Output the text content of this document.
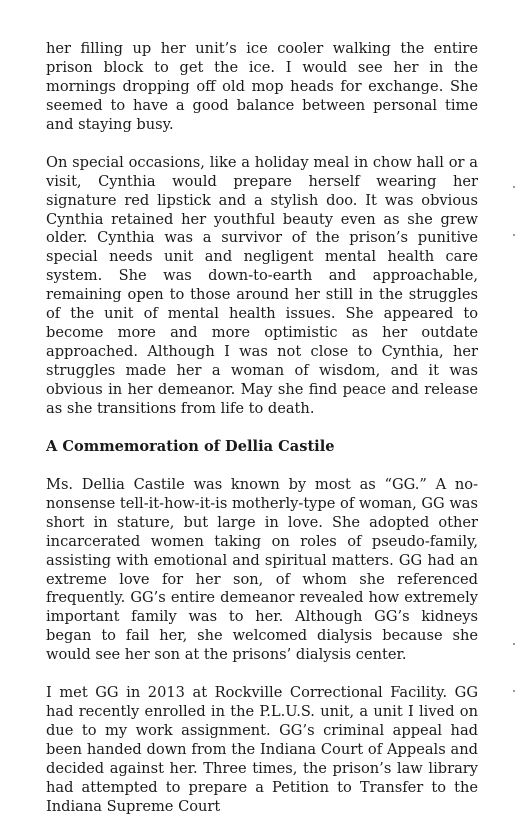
her filling up her unit’s ice cooler walking the entire prison block to get the ice. I would see her in the mornings dropping off old mop heads for exchange. She seemed to have a good balance between personal time and staying busy.

On special occasions, like a holiday meal in chow hall or a visit, Cynthia would prepare herself wearing her signature red lipstick and a stylish doo. It was obvious Cynthia retained her youthful beauty even as she grew older. Cynthia was a survivor of the prison’s punitive special needs unit and negligent mental health care system. She was down-to-earth and approachable, remaining open to those around her still in the struggles of the unit of mental health issues. She appeared to become more and more optimistic as her outdate approached. Although I was not close to Cynthia, her struggles made her a woman of wisdom, and it was obvious in her demeanor. May she find peace and release as she transitions from life to death.

A Commemoration of Dellia Castile

Ms. Dellia Castile was known by most as “GG.” A no-nonsense tell-it-how-it-is motherly-type of woman, GG was short in stature, but large in love. She adopted other incarcerated women taking on roles of pseudo-family, assisting with emotional and spiritual matters. GG had an extreme love for her son, of whom she referenced frequently. GG’s entire demeanor revealed how extremely important family was to her. Although GG’s kidneys began to fail her, she welcomed dialysis because she would see her son at the prisons’ dialysis center.

I met GG in 2013 at Rockville Correctional Facility. GG had recently enrolled in the P.L.U.S. unit, a unit I lived on due to my work assignment. GG’s criminal appeal had been handed down from the Indiana Court of Appeals and decided against her. Three times, the prison’s law library had attempted to prepare a Petition to Transfer to the Indiana Supreme Court
